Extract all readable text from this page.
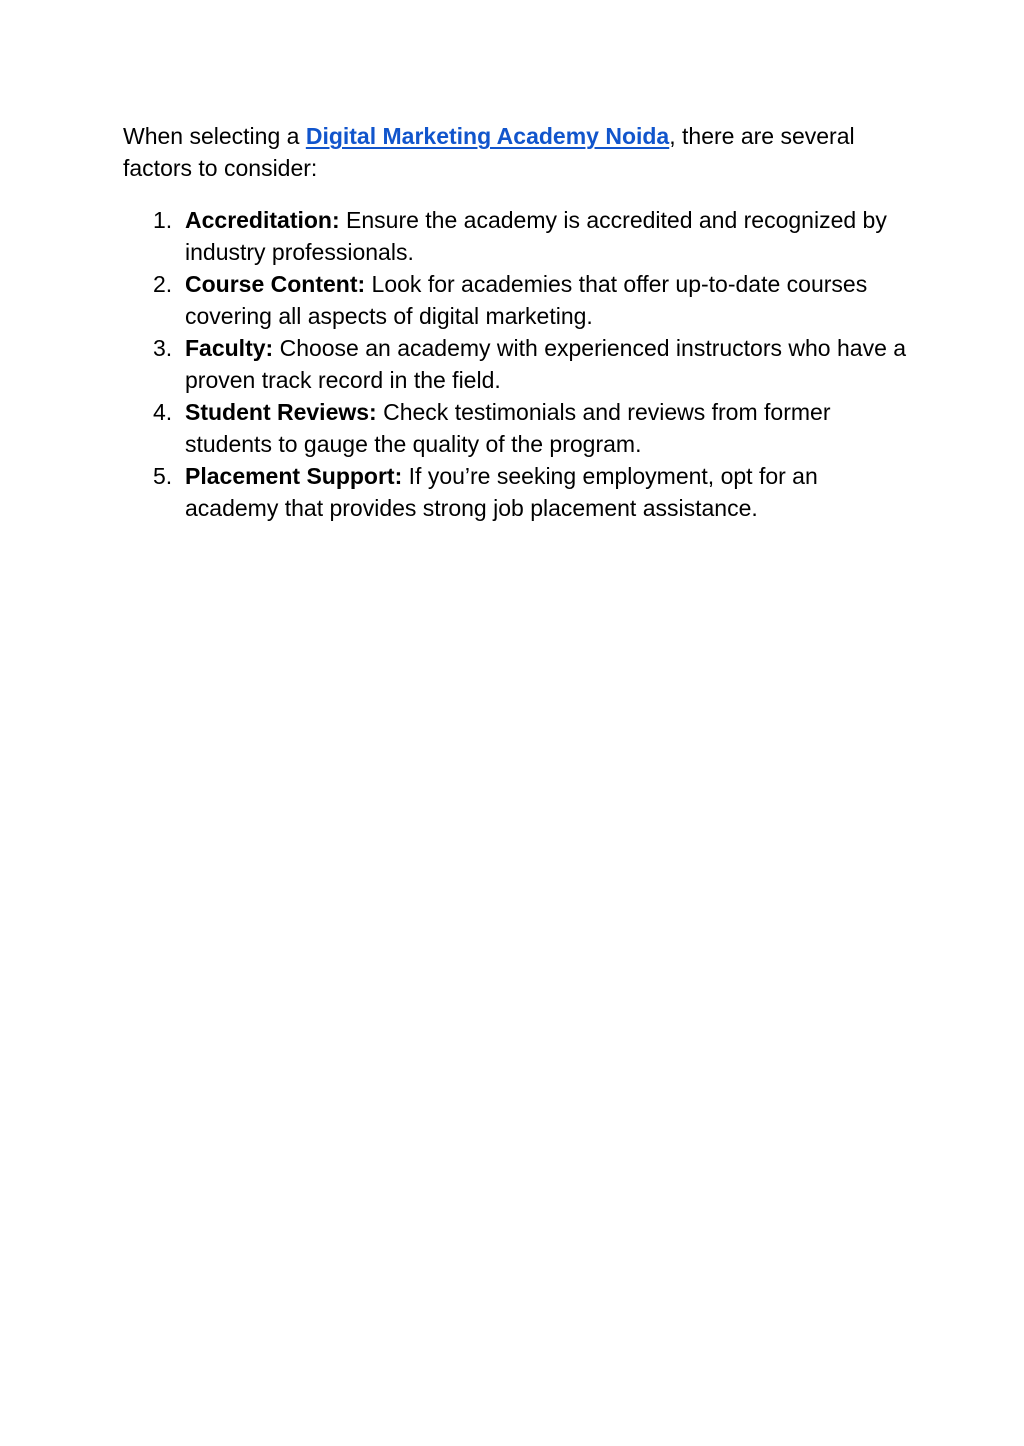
When selecting a Digital Marketing Academy Noida, there are several factors to consider:

1. Accreditation: Ensure the academy is accredited and recognized by industry professionals.
2. Course Content: Look for academies that offer up-to-date courses covering all aspects of digital marketing.
3. Faculty: Choose an academy with experienced instructors who have a proven track record in the field.
4. Student Reviews: Check testimonials and reviews from former students to gauge the quality of the program.
5. Placement Support: If you’re seeking employment, opt for an academy that provides strong job placement assistance.
